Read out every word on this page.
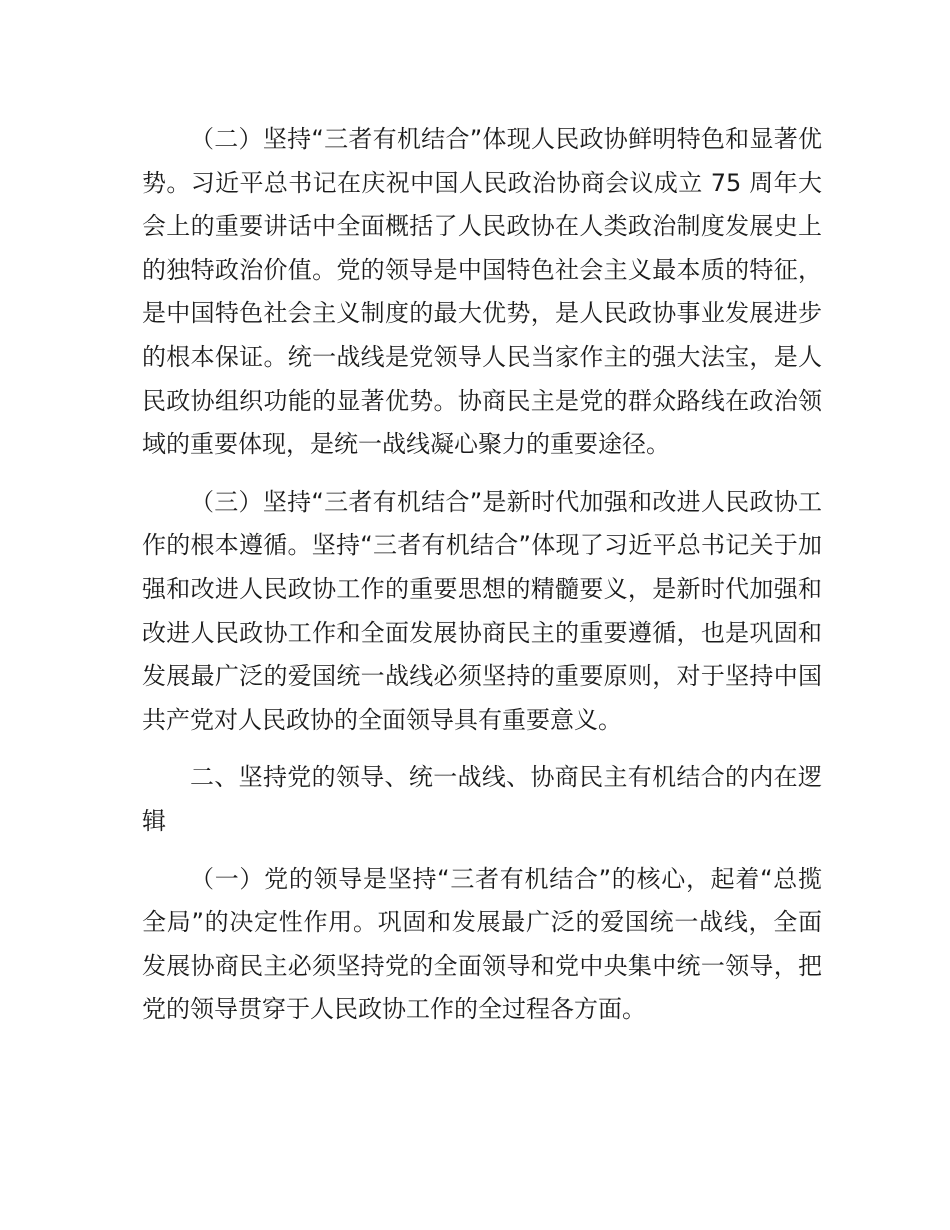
（二）坚持“三者有机结合”体现人民政协鲜明特色和显著优势。习近平总书记在庆祝中国人民政治协商会议成立 75 周年大会上的重要讲话中全面概括了人民政协在人类政治制度发展史上的独特政治价值。党的领导是中国特色社会主义最本质的特征，是中国特色社会主义制度的最大优势，是人民政协事业发展进步的根本保证。统一战线是党领导人民当家作主的强大法宝，是人民政协组织功能的显著优势。协商民主是党的群众路线在政治领域的重要体现，是统一战线凝心聚力的重要途径。

（三）坚持“三者有机结合”是新时代加强和改进人民政协工作的根本遵循。坚持“三者有机结合”体现了习近平总书记关于加强和改进人民政协工作的重要思想的精髓要义，是新时代加强和改进人民政协工作和全面发展协商民主的重要遵循，也是巩固和发展最广泛的爱国统一战线必须坚持的重要原则，对于坚持中国共产党对人民政协的全面领导具有重要意义。

二、坚持党的领导、统一战线、协商民主有机结合的内在逻辑

（一）党的领导是坚持“三者有机结合”的核心，起着“总揽全局”的决定性作用。巩固和发展最广泛的爱国统一战线，全面发展协商民主必须坚持党的全面领导和党中央集中统一领导，把党的领导贯穿于人民政协工作的全过程各方面。
